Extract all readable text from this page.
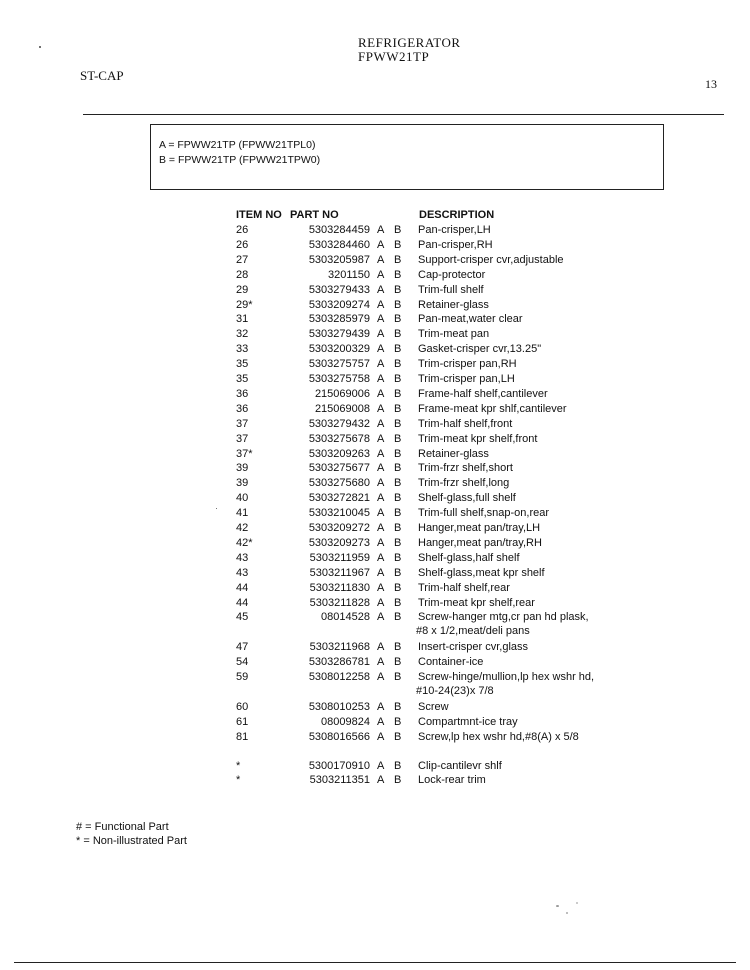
REFRIGERATOR
FPWW21TP
ST-CAP
13
A = FPWW21TP (FPWW21TPL0)
B = FPWW21TP (FPWW21TPW0)
ITEM NO PART NO	DESCRIPTION
26	5303284459 A B Pan-crisper,LH
26	5303284460 A B Pan-crisper,RH
27	5303205987 A B Support-crisper cvr,adjustable
28	3201150 A B Cap-protector
29	5303279433 A B Trim-full shelf
29*	5303209274 A B Retainer-glass
31	5303285979 A B Pan-meat,water clear
32	5303279439 A B Trim-meat pan
33	5303200329 A B Gasket-crisper cvr,13.25"
35	5303275757 A B Trim-crisper pan,RH
35	5303275758 A B Trim-crisper pan,LH
36	215069006 A B Frame-half shelf,cantilever
36	215069008 A B Frame-meat kpr shlf,cantilever
37	5303279432 A B Trim-half shelf,front
37	5303275678 A B Trim-meat kpr shelf,front
37*	5303209263 A B Retainer-glass
39	5303275677 A B Trim-frzr shelf,short
39	5303275680 A B Trim-frzr shelf,long
40	5303272821 A B Shelf-glass,full shelf
41	5303210045 A B Trim-full shelf,snap-on,rear
42	5303209272 A B Hanger,meat pan/tray,LH
42*	5303209273 A B Hanger,meat pan/tray,RH
43	5303211959 A B Shelf-glass,half shelf
43	5303211967 A B Shelf-glass,meat kpr shelf
44	5303211830 A B Trim-half shelf,rear
44	5303211828 A B Trim-meat kpr shelf,rear
45	08014528 A B Screw-hanger mtg,cr pan hd plask,
#8 x 1/2,meat/deli pans
47	5303211968 A B Insert-crisper cvr,glass
54	5303286781 A B Container-ice
59	5308012258 A B Screw-hinge/mullion,lp hex wshr hd,
#10-24(23)x 7/8
60	5308010253 A B Screw
61	08009824 A B Compartmnt-ice tray
81	5308016566 A B Screw,lp hex wshr hd,#8(A) x 5/8
*	5300170910 A B Clip-cantilevr shlf
*	5303211351 A B Lock-rear trim
# = Functional Part
* = Non-illustrated Part
